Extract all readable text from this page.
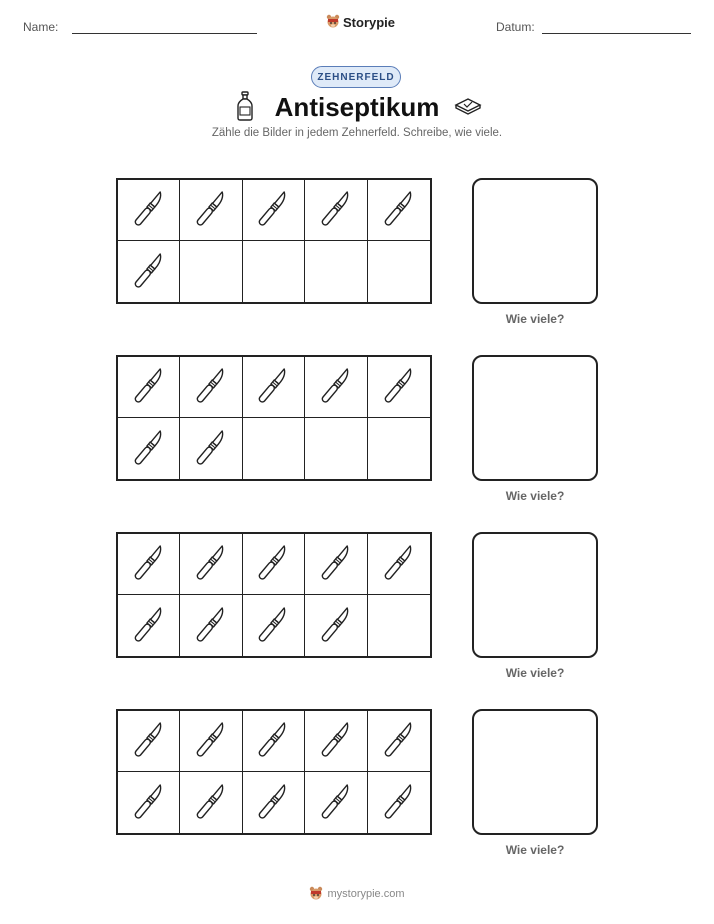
Name:	Storypie	Datum:
ZEHNERFELD
Antiseptikum
Zähle die Bilder in jedem Zehnerfeld. Schreibe, wie viele.
Wie viele?
Wie viele?
Wie viele?
Wie viele?
mystorypie.com
